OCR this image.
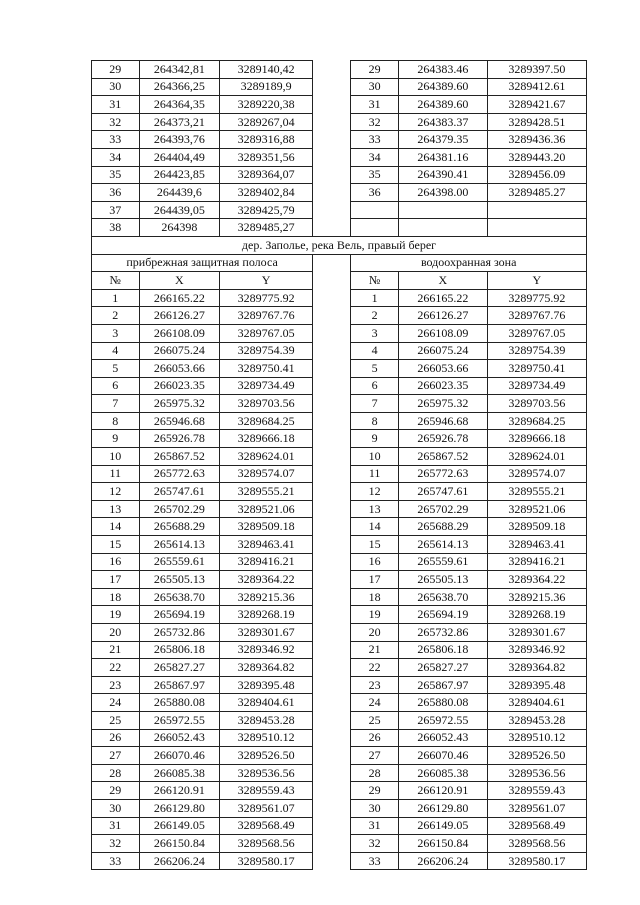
29	264342,81	3289140,42		29	264383.46	3289397.50
30	264366,25	3289189,9		30	264389.60	3289412.61
31	264364,35	3289220,38		31	264389.60	3289421.67
32	264373,21	3289267,04		32	264383.37	3289428.51
33	264393,76	3289316,88		33	264379.35	3289436.36
34	264404,49	3289351,56		34	264381.16	3289443.20
35	264423,85	3289364,07		35	264390.41	3289456.09
36	264439,6	3289402,84		36	264398.00	3289485.27
37	264439,05	3289425,79				
38	264398	3289485,27				
дер. Заполье, река Вель, правый берег						
прибрежная защитная полоса				водоохранная зона		
№	X	Y		№	X	Y
1	266165.22	3289775.92		1	266165.22	3289775.92
2	266126.27	3289767.76		2	266126.27	3289767.76
3	266108.09	3289767.05		3	266108.09	3289767.05
4	266075.24	3289754.39		4	266075.24	3289754.39
5	266053.66	3289750.41		5	266053.66	3289750.41
6	266023.35	3289734.49		6	266023.35	3289734.49
7	265975.32	3289703.56		7	265975.32	3289703.56
8	265946.68	3289684.25		8	265946.68	3289684.25
9	265926.78	3289666.18		9	265926.78	3289666.18
10	265867.52	3289624.01		10	265867.52	3289624.01
11	265772.63	3289574.07		11	265772.63	3289574.07
12	265747.61	3289555.21		12	265747.61	3289555.21
13	265702.29	3289521.06		13	265702.29	3289521.06
14	265688.29	3289509.18		14	265688.29	3289509.18
15	265614.13	3289463.41		15	265614.13	3289463.41
16	265559.61	3289416.21		16	265559.61	3289416.21
17	265505.13	3289364.22		17	265505.13	3289364.22
18	265638.70	3289215.36		18	265638.70	3289215.36
19	265694.19	3289268.19		19	265694.19	3289268.19
20	265732.86	3289301.67		20	265732.86	3289301.67
21	265806.18	3289346.92		21	265806.18	3289346.92
22	265827.27	3289364.82		22	265827.27	3289364.82
23	265867.97	3289395.48		23	265867.97	3289395.48
24	265880.08	3289404.61		24	265880.08	3289404.61
25	265972.55	3289453.28		25	265972.55	3289453.28
26	266052.43	3289510.12		26	266052.43	3289510.12
27	266070.46	3289526.50		27	266070.46	3289526.50
28	266085.38	3289536.56		28	266085.38	3289536.56
29	266120.91	3289559.43		29	266120.91	3289559.43
30	266129.80	3289561.07		30	266129.80	3289561.07
31	266149.05	3289568.49		31	266149.05	3289568.49
32	266150.84	3289568.56		32	266150.84	3289568.56
33	266206.24	3289580.17		33	266206.24	3289580.17
